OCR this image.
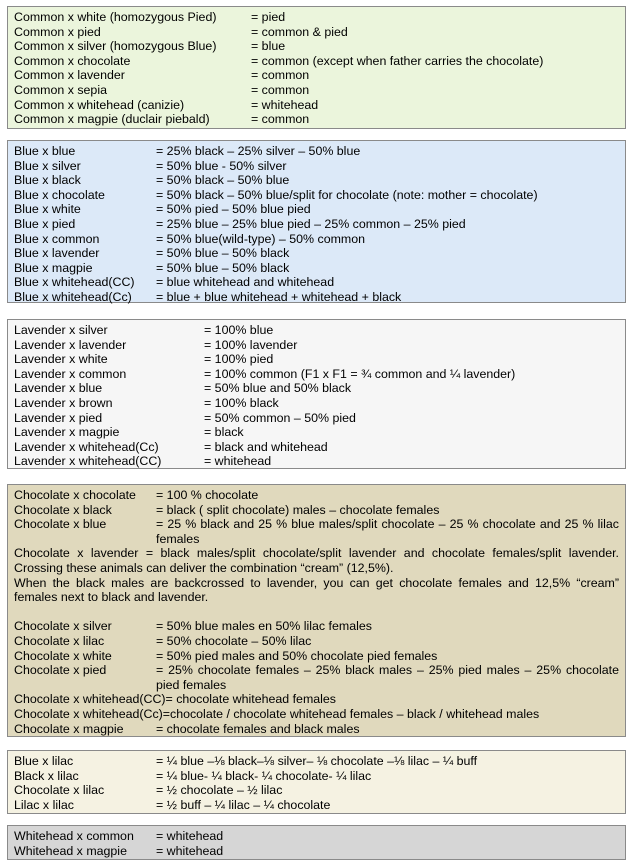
Common x white (homozygous Pied)	= pied
Common x pied	= common & pied
Common x silver (homozygous Blue)	= blue
Common x chocolate	= common (except when father carries the chocolate)
Common x lavender	= common
Common x sepia	= common
Common x whitehead (canizie)	= whitehead
Common x magpie (duclair piebald)	= common
Blue x blue	= 25% black – 25% silver – 50% blue
Blue x silver	= 50% blue - 50% silver
Blue x black	= 50% black – 50% blue
Blue x chocolate	= 50% black – 50% blue/split for chocolate (note: mother = chocolate)
Blue x white	= 50% pied – 50% blue pied
Blue x pied	= 25% blue – 25% blue pied – 25% common – 25% pied
Blue x common	= 50% blue(wild-type) – 50% common
Blue x lavender	= 50% blue – 50% black
Blue x magpie	= 50% blue – 50% black
Blue x whitehead(CC)	= blue whitehead and whitehead
Blue x whitehead(Cc)	= blue + blue whitehead + whitehead + black
Lavender x silver	= 100% blue
Lavender x lavender	= 100% lavender
Lavender x white	= 100% pied
Lavender x common	= 100% common (F1 x F1 = ¾ common and ¼ lavender)
Lavender x blue	= 50% blue and 50% black
Lavender x brown	= 100% black
Lavender x pied	= 50% common – 50% pied
Lavender x magpie	= black
Lavender x whitehead(Cc)	= black and whitehead
Lavender x whitehead(CC)	= whitehead
Chocolate x chocolate	= 100 % chocolate
Chocolate x black	= black ( split chocolate) males – chocolate females
Chocolate x blue	= 25 % black and 25 % blue males/split chocolate – 25 % chocolate and 25 % lilac females
Chocolate x lavender = black males/split chocolate/split lavender and chocolate females/split lavender. Crossing these animals can deliver the combination “cream” (12,5%).
When the black males are backcrossed to lavender, you can get chocolate females and 12,5% “cream” females next to black and lavender.
Chocolate x silver	= 50% blue males en 50% lilac females
Chocolate x lilac	= 50% chocolate – 50% lilac
Chocolate x white	= 50% pied males and 50% chocolate pied females
Chocolate x pied	= 25% chocolate females – 25% black males – 25% pied males – 25% chocolate pied females
Chocolate x whitehead(CC)= chocolate whitehead females
Chocolate x whitehead(Cc)=chocolate / chocolate whitehead females – black / whitehead males
Chocolate x magpie	= chocolate females and black males
Blue x lilac	= ¼ blue –⅛ black–⅛ silver– ⅛ chocolate –⅛ lilac – ¼ buff
Black x lilac	= ¼ blue- ¼ black- ¼ chocolate- ¼ lilac
Chocolate x lilac	= ½ chocolate – ½ lilac
Lilac x lilac	= ½ buff – ¼ lilac – ¼ chocolate
Whitehead x common	= whitehead
Whitehead x magpie	= whitehead
